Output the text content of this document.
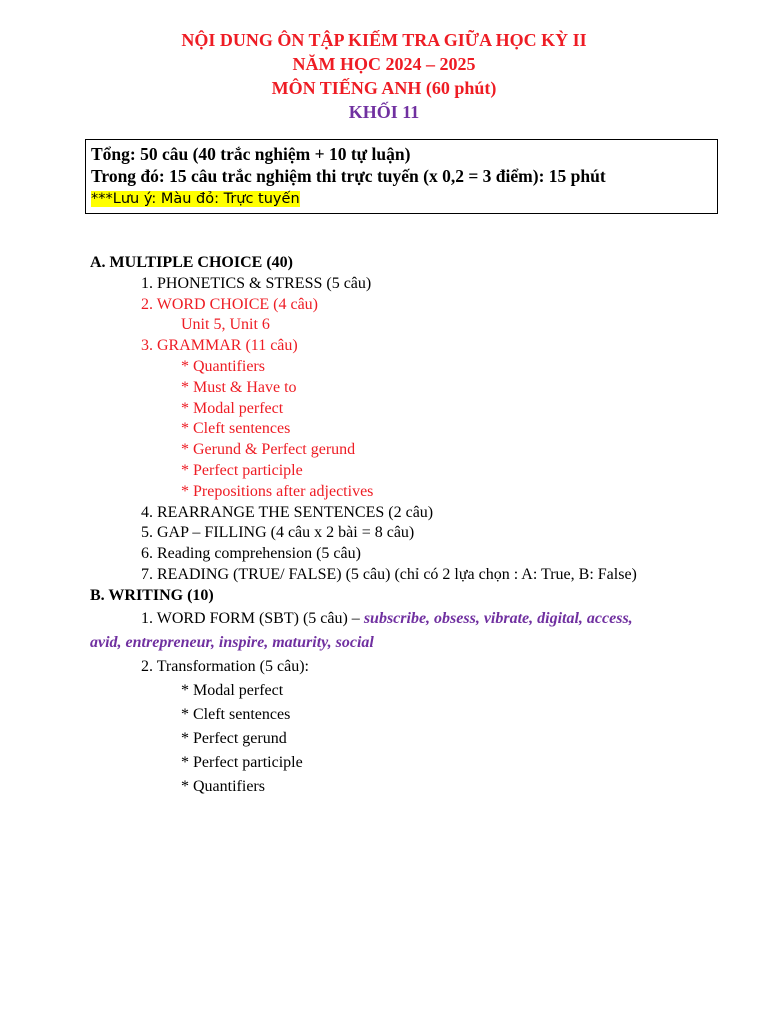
NỘI DUNG ÔN TẬP KIẾM TRA GIỮA HỌC KỲ II
NĂM HỌC 2024 – 2025
MÔN TIẾNG ANH (60 phút)
KHỐI 11
Tổng: 50 câu (40 trắc nghiệm + 10 tự luận)
Trong đó: 15 câu trắc nghiệm thi trực tuyến (x 0,2 = 3 điểm): 15 phút
***Lưu ý: Màu đỏ: Trực tuyến
A. MULTIPLE CHOICE (40)
1. PHONETICS & STRESS (5 câu)
2. WORD CHOICE (4 câu)
Unit 5, Unit 6
3. GRAMMAR (11 câu)
* Quantifiers
* Must & Have to
* Modal perfect
* Cleft sentences
* Gerund & Perfect gerund
* Perfect participle
* Prepositions after adjectives
4. REARRANGE THE SENTENCES (2 câu)
5. GAP – FILLING (4 câu x 2 bài = 8 câu)
6. Reading comprehension (5 câu)
7. READING (TRUE/ FALSE) (5 câu) (chỉ có 2 lựa chọn : A: True, B: False)
B. WRITING (10)
1. WORD FORM (SBT) (5 câu) – subscribe, obsess, vibrate, digital, access,
avid, entrepreneur, inspire, maturity, social
2. Transformation (5 câu):
* Modal perfect
* Cleft sentences
* Perfect gerund
* Perfect participle
* Quantifiers
